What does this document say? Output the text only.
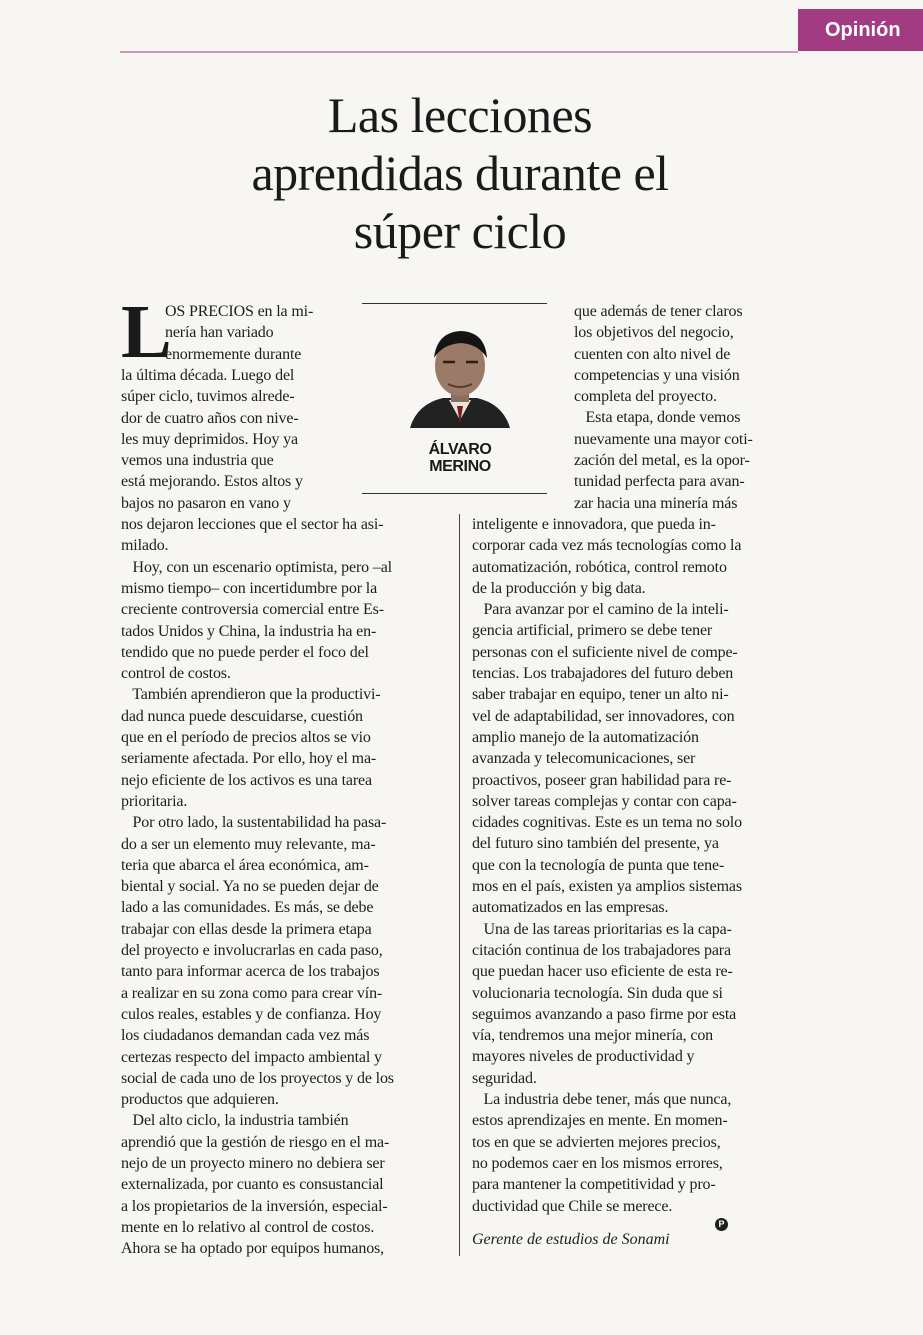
Opinión
Las lecciones
aprendidas durante el
súper ciclo
L
OS PRECIOS en la mi-
nería han variado
enormemente durante
la última década. Luego del
súper ciclo, tuvimos alrede-
dor de cuatro años con nive-
les muy deprimidos. Hoy ya
vemos una industria que
está mejorando. Estos altos y
bajos no pasaron en vano y
nos dejaron lecciones que el sector ha asi-
milado.
Hoy, con un escenario optimista, pero –al
mismo tiempo– con incertidumbre por la
creciente controversia comercial entre Es-
tados Unidos y China, la industria ha en-
tendido que no puede perder el foco del
control de costos.
También aprendieron que la productivi-
dad nunca puede descuidarse, cuestión
que en el período de precios altos se vio
seriamente afectada. Por ello, hoy el ma-
nejo eficiente de los activos es una tarea
prioritaria.
Por otro lado, la sustentabilidad ha pasa-
do a ser un elemento muy relevante, ma-
teria que abarca el área económica, am-
biental y social. Ya no se pueden dejar de
lado a las comunidades. Es más, se debe
trabajar con ellas desde la primera etapa
del proyecto e involucrarlas en cada paso,
tanto para informar acerca de los trabajos
a realizar en su zona como para crear vín-
culos reales, estables y de confianza. Hoy
los ciudadanos demandan cada vez más
certezas respecto del impacto ambiental y
social de cada uno de los proyectos y de los
productos que adquieren.
Del alto ciclo, la industria también
aprendió que la gestión de riesgo en el ma-
nejo de un proyecto minero no debiera ser
externalizada, por cuanto es consustancial
a los propietarios de la inversión, especial-
mente en lo relativo al control de costos.
Ahora se ha optado por equipos humanos,
ÁLVARO
MERINO
que además de tener claros
los objetivos del negocio,
cuenten con alto nivel de
competencias y una visión
completa del proyecto.
Esta etapa, donde vemos
nuevamente una mayor coti-
zación del metal, es la opor-
tunidad perfecta para avan-
zar hacia una minería más
inteligente e innovadora, que pueda in-
corporar cada vez más tecnologías como la
automatización, robótica, control remoto
de la producción y big data.
Para avanzar por el camino de la inteli-
gencia artificial, primero se debe tener
personas con el suficiente nivel de compe-
tencias. Los trabajadores del futuro deben
saber trabajar en equipo, tener un alto ni-
vel de adaptabilidad, ser innovadores, con
amplio manejo de la automatización
avanzada y telecomunicaciones, ser
proactivos, poseer gran habilidad para re-
solver tareas complejas y contar con capa-
cidades cognitivas. Este es un tema no solo
del futuro sino también del presente, ya
que con la tecnología de punta que tene-
mos en el país, existen ya amplios sistemas
automatizados en las empresas.
Una de las tareas prioritarias es la capa-
citación continua de los trabajadores para
que puedan hacer uso eficiente de esta re-
volucionaria tecnología. Sin duda que si
seguimos avanzando a paso firme por esta
vía, tendremos una mejor minería, con
mayores niveles de productividad y
seguridad.
La industria debe tener, más que nunca,
estos aprendizajes en mente. En momen-
tos en que se advierten mejores precios,
no podemos caer en los mismos errores,
para mantener la competitividad y pro-
ductividad que Chile se merece.
P
Gerente de estudios de Sonami
